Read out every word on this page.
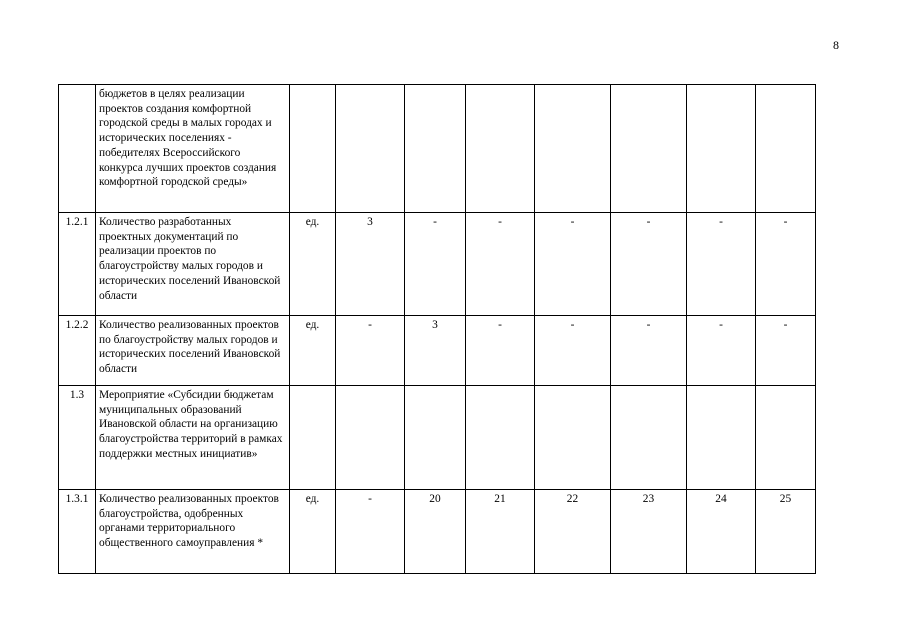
8
	бюджетов в целях реализации проектов создания комфортной городской среды в малых городах и исторических поселениях - победителях Всероссийского конкурса лучших проектов создания комфортной городской среды»								
1.2.1	Количество разработанных проектных документаций по реализации проектов по благоустройству малых городов и исторических поселений Ивановской области	ед.	3	-	-	-	-	-	-
1.2.2	Количество реализованных проектов по благоустройству малых городов и исторических поселений Ивановской области	ед.	-	3	-	-	-	-	-
1.3	Мероприятие «Субсидии бюджетам муниципальных образований Ивановской области на организацию благоустройства территорий в рамках поддержки местных инициатив»								
1.3.1	Количество реализованных проектов благоустройства, одобренных органами территориального общественного самоуправления *	ед.	-	20	21	22	23	24	25
